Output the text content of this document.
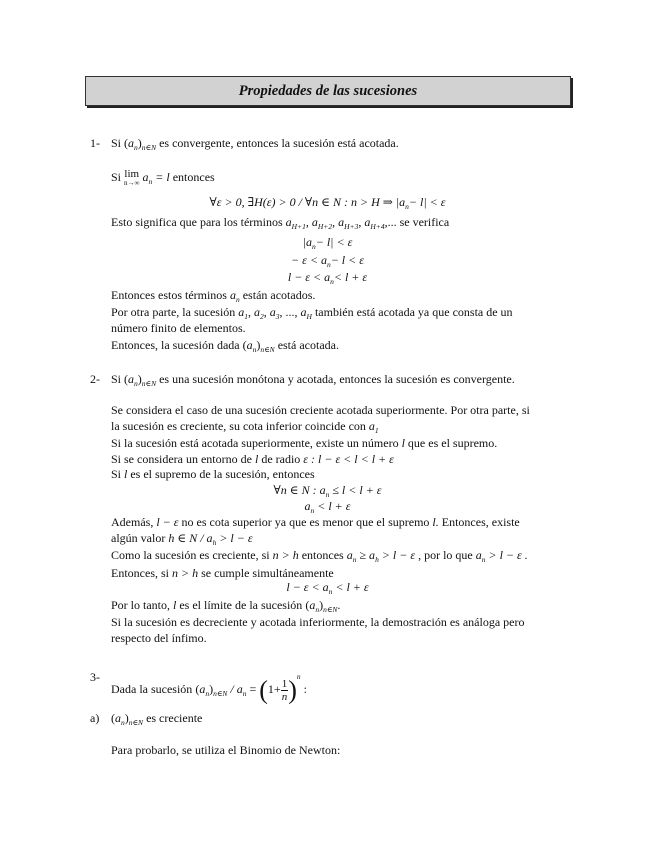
Propiedades de las sucesiones
1- Si $(a_n)_{n\in N}$ es convergente, entonces la sucesión está acotada.
Si lim
n→∞ $a_n = l$ entonces
∀ε > 0, ∃H(ε) > 0 / ∀n ∈ N : n > H ⇒ $|a_n- l| < \varepsilon$
Esto significa que para los términos $a_{H+1}$, $a_{H+2}$, $a_{H+3}$, $a_{H+4}$,... se verifica
$|a_n- l| < \varepsilon$
− $\varepsilon < a_n- l < \varepsilon$
$l - \varepsilon < a_n< l + \varepsilon$
Entonces estos términos $a_n$ están acotados.
Por otra parte, la sucesión $a_1$, $a_2$, $a_3$, ..., $a_H$ también está acotada ya que consta de un
número finito de elementos.
Entonces, la sucesión dada $(a_n)_{n\in N}$ está acotada.
2- Si $(a_n)_{n\in N}$ es una sucesión monótona y acotada, entonces la sucesión es convergente.
Se considera el caso de una sucesión creciente acotada superiormente. Por otra parte, si
la sucesión es creciente, su cota inferior coincide con $a_1$
Si la sucesión está acotada superiormente, existe un número l que es el supremo.
Si se considera un entorno de l de radio ε : l − ε < l < l + ε
Si l es el supremo de la sucesión, entonces
∀n ∈ N : $a_n \le l < l + \varepsilon$
$a_n < l + \varepsilon$
Además, l − ε no es cota superior ya que es menor que el supremo l. Entonces, existe
algún valor h ∈ $N / a_h > l - \varepsilon$
Como la sucesión es creciente, si n > h entonces $a_n \ge a_h > l - \varepsilon$ , por lo que $a_n > l - \varepsilon$ .
Entonces, si n > h se cumple simultáneamente
$l - \varepsilon < a_n < l + \varepsilon$
Por lo tanto, l es el límite de la sucesión $(a_n)_{n\in N}$.
Si la sucesión es decreciente y acotada inferiormente, la demostración es análoga pero
respecto del ínfimo.
3-
Dada la sucesión $(a_n)_{n\in N} / a_n = (1+ \frac{1}{n} )^n$ :
a) $(a_n)_{n\in N}$ es creciente
Para probarlo, se utiliza el Binomio de Newton:
